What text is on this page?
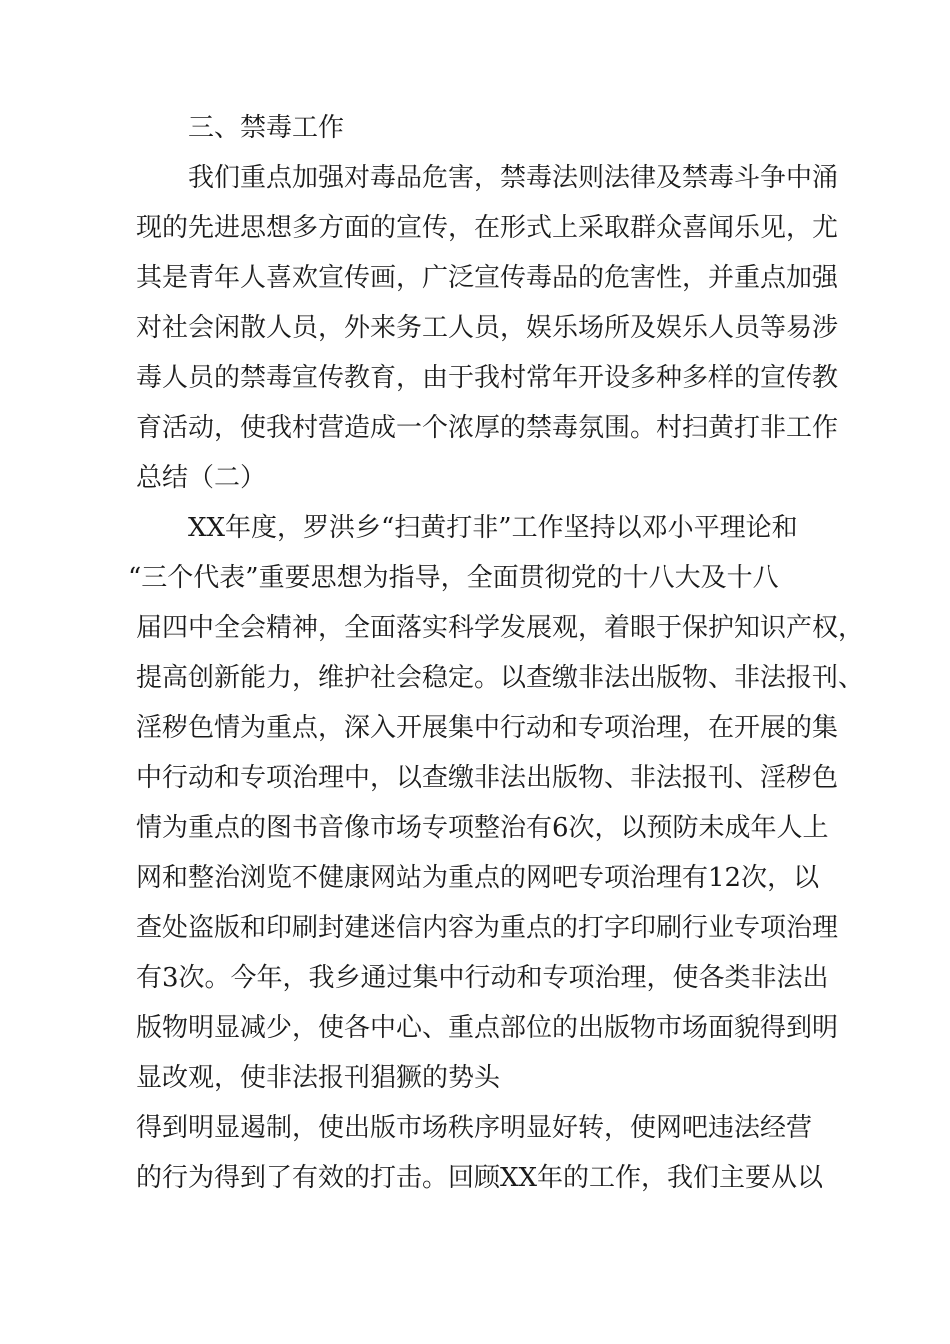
三、禁毒工作
我们重点加强对毒品危害，禁毒法则法律及禁毒斗争中涌
现的先进思想多方面的宣传，在形式上采取群众喜闻乐见，尤
其是青年人喜欢宣传画，广泛宣传毒品的危害性，并重点加强
对社会闲散人员，外来务工人员，娱乐场所及娱乐人员等易涉
毒人员的禁毒宣传教育，由于我村常年开设多种多样的宣传教
育活动，使我村营造成一个浓厚的禁毒氛围。村扫黄打非工作
总结（二）
XX年度，罗洪乡“扫黄打非”工作坚持以邓小平理论和
“三个代表”重要思想为指导，全面贯彻党的十八大及十八
届四中全会精神，全面落实科学发展观，着眼于保护知识产权，
提高创新能力，维护社会稳定。以查缴非法出版物、非法报刊、
淫秽色情为重点，深入开展集中行动和专项治理，在开展的集
中行动和专项治理中，以查缴非法出版物、非法报刊、淫秽色
情为重点的图书音像市场专项整治有6次，以预防未成年人上
网和整治浏览不健康网站为重点的网吧专项治理有12次，以
查处盗版和印刷封建迷信内容为重点的打字印刷行业专项治理
有3次。今年，我乡通过集中行动和专项治理，使各类非法出
版物明显减少，使各中心、重点部位的出版物市场面貌得到明
显改观，使非法报刊猖獗的势头
得到明显遏制，使出版市场秩序明显好转，使网吧违法经营
的行为得到了有效的打击。回顾XX年的工作，我们主要从以
